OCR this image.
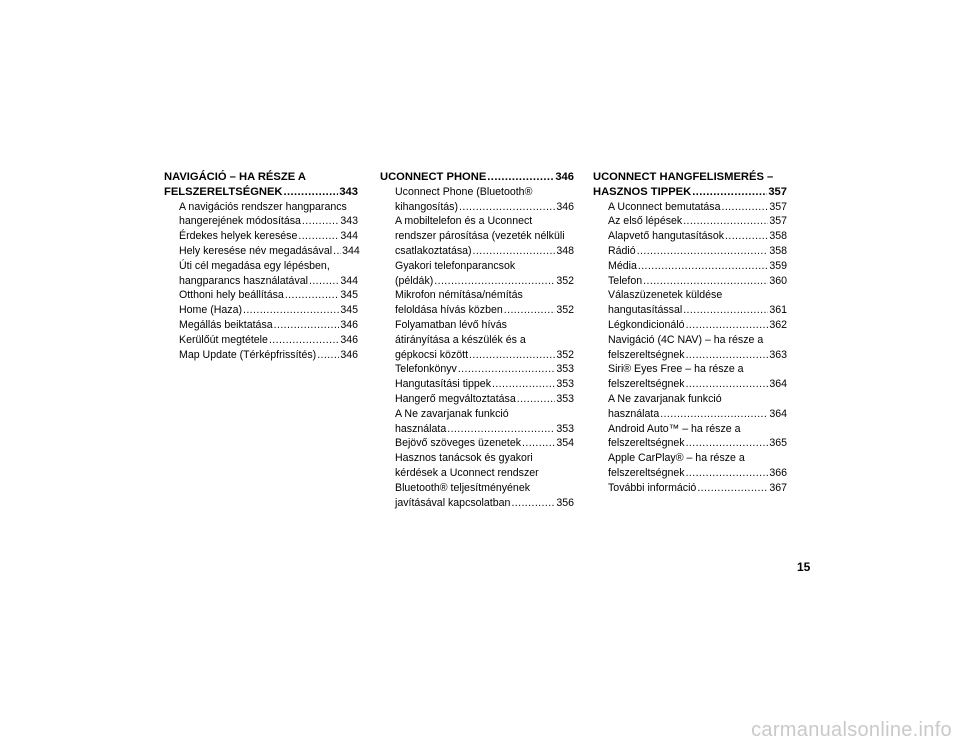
NAVIGÁCIÓ – HA RÉSZE A
FELSZERELTSÉGNEK .....	343
A navigációs rendszer hangparancs
hangerejének módosítása .....	343
Érdekes helyek keresése .....	344
Hely keresése név megadásával ..... 344
Úti cél megadása egy lépésben,
hangparancs használatával .....	344
Otthoni hely beállítása .....	345
Home (Haza) .....	345
Megállás beiktatása .....	346
Kerülőút megtétele .....	346
Map Update (Térképfrissítés) ..... 346
UCONNECT PHONE .....	346
Uconnect Phone (Bluetooth®
kihangosítás) .....	346
A mobiltelefon és a Uconnect
rendszer párosítása (vezeték nélküli
csatlakoztatása) .....	348
Gyakori telefonparancsok
(példák) .....	352
Mikrofon némítása/némítás
feloldása hívás közben .....	352
Folyamatban lévő hívás
átirányítása a készülék és a
gépkocsi között .....	352
Telefonkönyv .....	353
Hangutasítási tippek .....	353
Hangerő megváltoztatása .....	353
A Ne zavarjanak funkció
használata .....	353
Bejövő szöveges üzenetek .....	354
Hasznos tanácsok és gyakori
kérdések a Uconnect rendszer
Bluetooth® teljesítményének
javításával kapcsolatban .....	356
UCONNECT HANGFELISMERÉS –
HASZNOS TIPPEK .....	357
A Uconnect bemutatása .....	357
Az első lépések .....	357
Alapvető hangutasítások .....	358
Rádió .....	358
Média .....	359
Telefon .....	360
Válaszüzenetek küldése
hangutasítással .....	361
Légkondicionáló .....	362
Navigáció (4C NAV) – ha része a
felszereltségnek .....	363
Siri® Eyes Free – ha része a
felszereltségnek .....	364
A Ne zavarjanak funkció
használata .....	364
Android Auto™ – ha része a
felszereltségnek .....	365
Apple CarPlay® – ha része a
felszereltségnek .....	366
További információ .....	367
15
carmanualsonline.info
